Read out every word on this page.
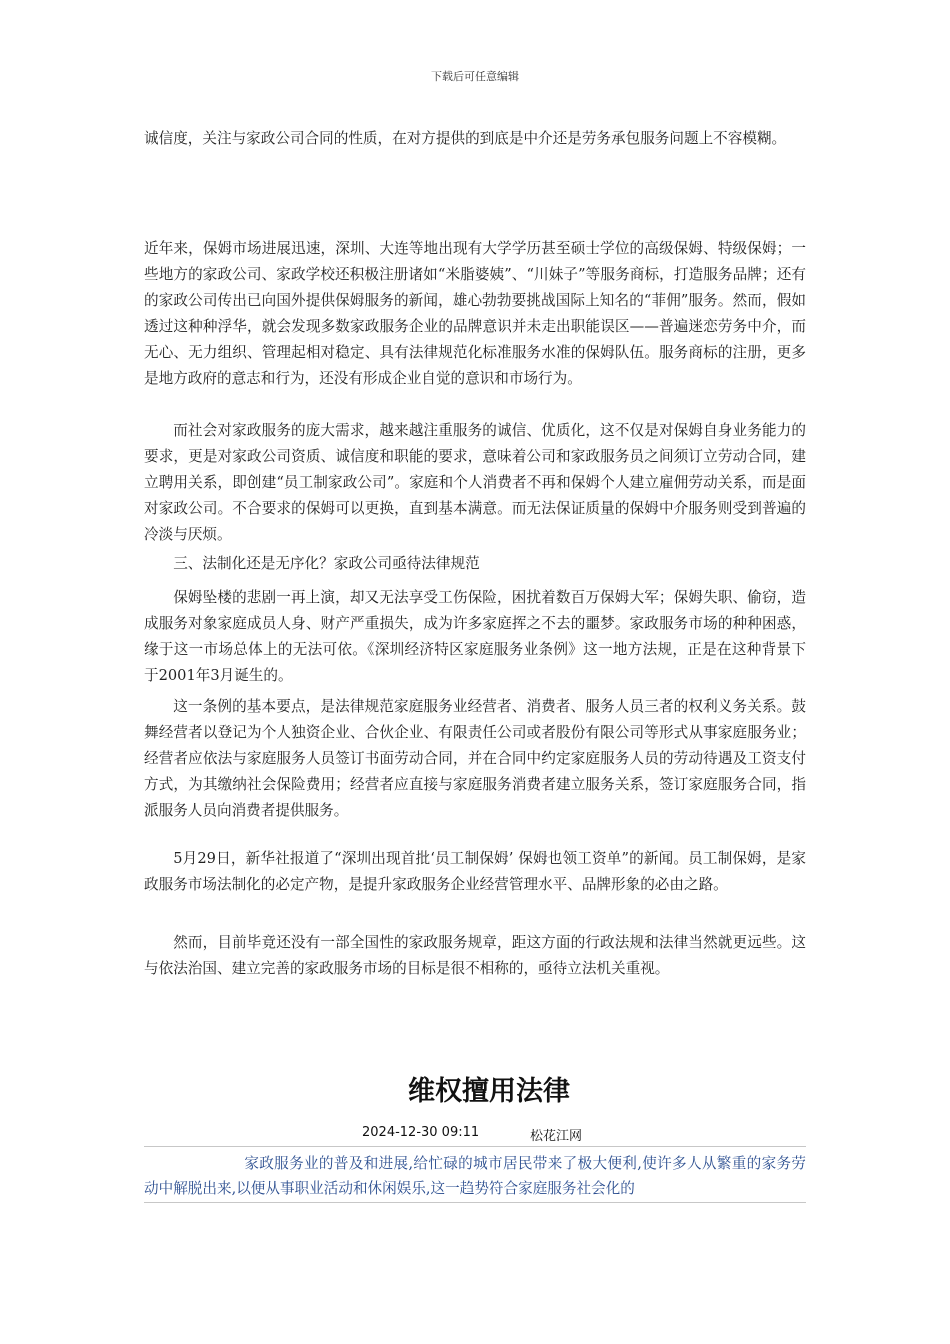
下载后可任意编辑

诚信度，关注与家政公司合同的性质，在对方提供的到底是中介还是劳务承包服务问题上不容模糊。

近年来，保姆市场进展迅速，深圳、大连等地出现有大学学历甚至硕士学位的高级保姆、特级保姆；一些地方的家政公司、家政学校还积极注册诸如“米脂婆姨”、“川妹子”等服务商标，打造服务品牌；还有的家政公司传出已向国外提供保姆服务的新闻，雄心勃勃要挑战国际上知名的“菲佣”服务。然而，假如透过这种种浮华，就会发现多数家政服务企业的品牌意识并未走出职能误区——普遍迷恋劳务中介，而无心、无力组织、管理起相对稳定、具有法律规范化标准服务水准的保姆队伍。服务商标的注册，更多是地方政府的意志和行为，还没有形成企业自觉的意识和市场行为。

而社会对家政服务的庞大需求，越来越注重服务的诚信、优质化，这不仅是对保姆自身业务能力的要求，更是对家政公司资质、诚信度和职能的要求，意味着公司和家政服务员之间须订立劳动合同，建立聘用关系，即创建“员工制家政公司”。家庭和个人消费者不再和保姆个人建立雇佣劳动关系，而是面对家政公司。不合要求的保姆可以更换，直到基本满意。而无法保证质量的保姆中介服务则受到普遍的冷淡与厌烦。

三、法制化还是无序化？家政公司亟待法律规范

保姆坠楼的悲剧一再上演，却又无法享受工伤保险，困扰着数百万保姆大军；保姆失职、偷窃，造成服务对象家庭成员人身、财产严重损失，成为许多家庭挥之不去的噩梦。家政服务市场的种种困惑，缘于这一市场总体上的无法可依。《深圳经济特区家庭服务业条例》这一地方法规，正是在这种背景下于2001年3月诞生的。

这一条例的基本要点，是法律规范家庭服务业经营者、消费者、服务人员三者的权利义务关系。鼓舞经营者以登记为个人独资企业、合伙企业、有限责任公司或者股份有限公司等形式从事家庭服务业；经营者应依法与家庭服务人员签订书面劳动合同，并在合同中约定家庭服务人员的劳动待遇及工资支付方式，为其缴纳社会保险费用；经营者应直接与家庭服务消费者建立服务关系，签订家庭服务合同，指派服务人员向消费者提供服务。

5月29日，新华社报道了“深圳出现首批‘员工制保姆’ 保姆也领工资单”的新闻。员工制保姆，是家政服务市场法制化的必定产物，是提升家政服务企业经营管理水平、品牌形象的必由之路。

然而，目前毕竟还没有一部全国性的家政服务规章，距这方面的行政法规和法律当然就更远些。这与依法治国、建立完善的家政服务市场的目标是很不相称的，亟待立法机关重视。

维权擅用法律
2024-12-30 09:11	松花江网

家政服务业的普及和进展,给忙碌的城市居民带来了极大便利,使许多人从繁重的家务劳动中解脱出来,以便从事职业活动和休闲娱乐,这一趋势符合家庭服务社会化的
